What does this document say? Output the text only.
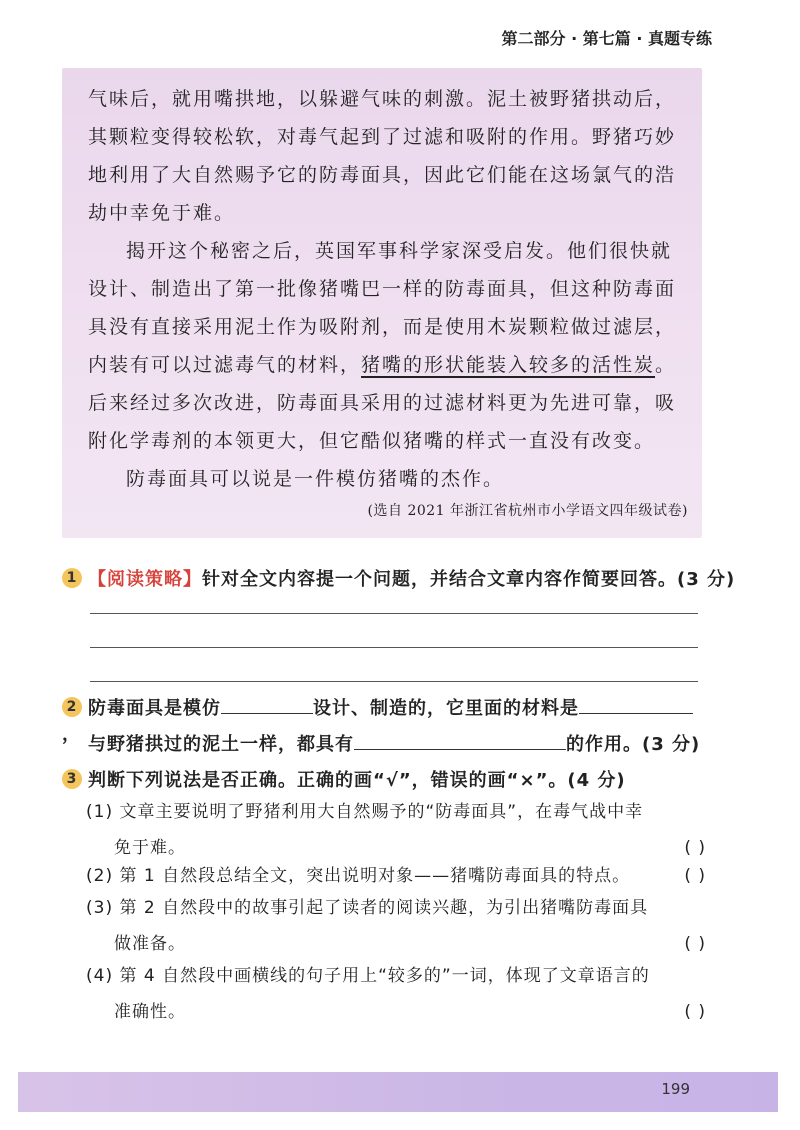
第二部分 · 第七篇 · 真题专练

气味后，就用嘴拱地，以躲避气味的刺激。泥土被野猪拱动后，其颗粒变得较松软，对毒气起到了过滤和吸附的作用。野猪巧妙地利用了大自然赐予它的防毒面具，因此它们能在这场氯气的浩劫中幸免于难。

揭开这个秘密之后，英国军事科学家深受启发。他们很快就设计、制造出了第一批像猪嘴巴一样的防毒面具，但这种防毒面具没有直接采用泥土作为吸附剂，而是使用木炭颗粒做过滤层，内装有可以过滤毒气的材料，猪嘴的形状能装入较多的活性炭。后来经过多次改进，防毒面具采用的过滤材料更为先进可靠，吸附化学毒剂的本领更大，但它酷似猪嘴的样式一直没有改变。

防毒面具可以说是一件模仿猪嘴的杰作。

(选自 2021 年浙江省杭州市小学语文四年级试卷)
1 【阅读策略】针对全文内容提一个问题，并结合文章内容作简要回答。(3 分)
2 防毒面具是模仿	设计、制造的，它里面的材料是， 与野猪拱过的泥土一样，都具有	的作用。(3 分)
3 判断下列说法是否正确。正确的画“√”，错误的画“×”。(4 分)
(1) 文章主要说明了野猪利用大自然赐予的“防毒面具”，在毒气战中幸
免于难。	( )
(2) 第 1 自然段总结全文，突出说明对象——猪嘴防毒面具的特点。	( )
(3) 第 2 自然段中的故事引起了读者的阅读兴趣，为引出猪嘴防毒面具
做准备。	( )
(4) 第 4 自然段中画横线的句子用上“较多的”一词，体现了文章语言的
准确性。	( )
199
